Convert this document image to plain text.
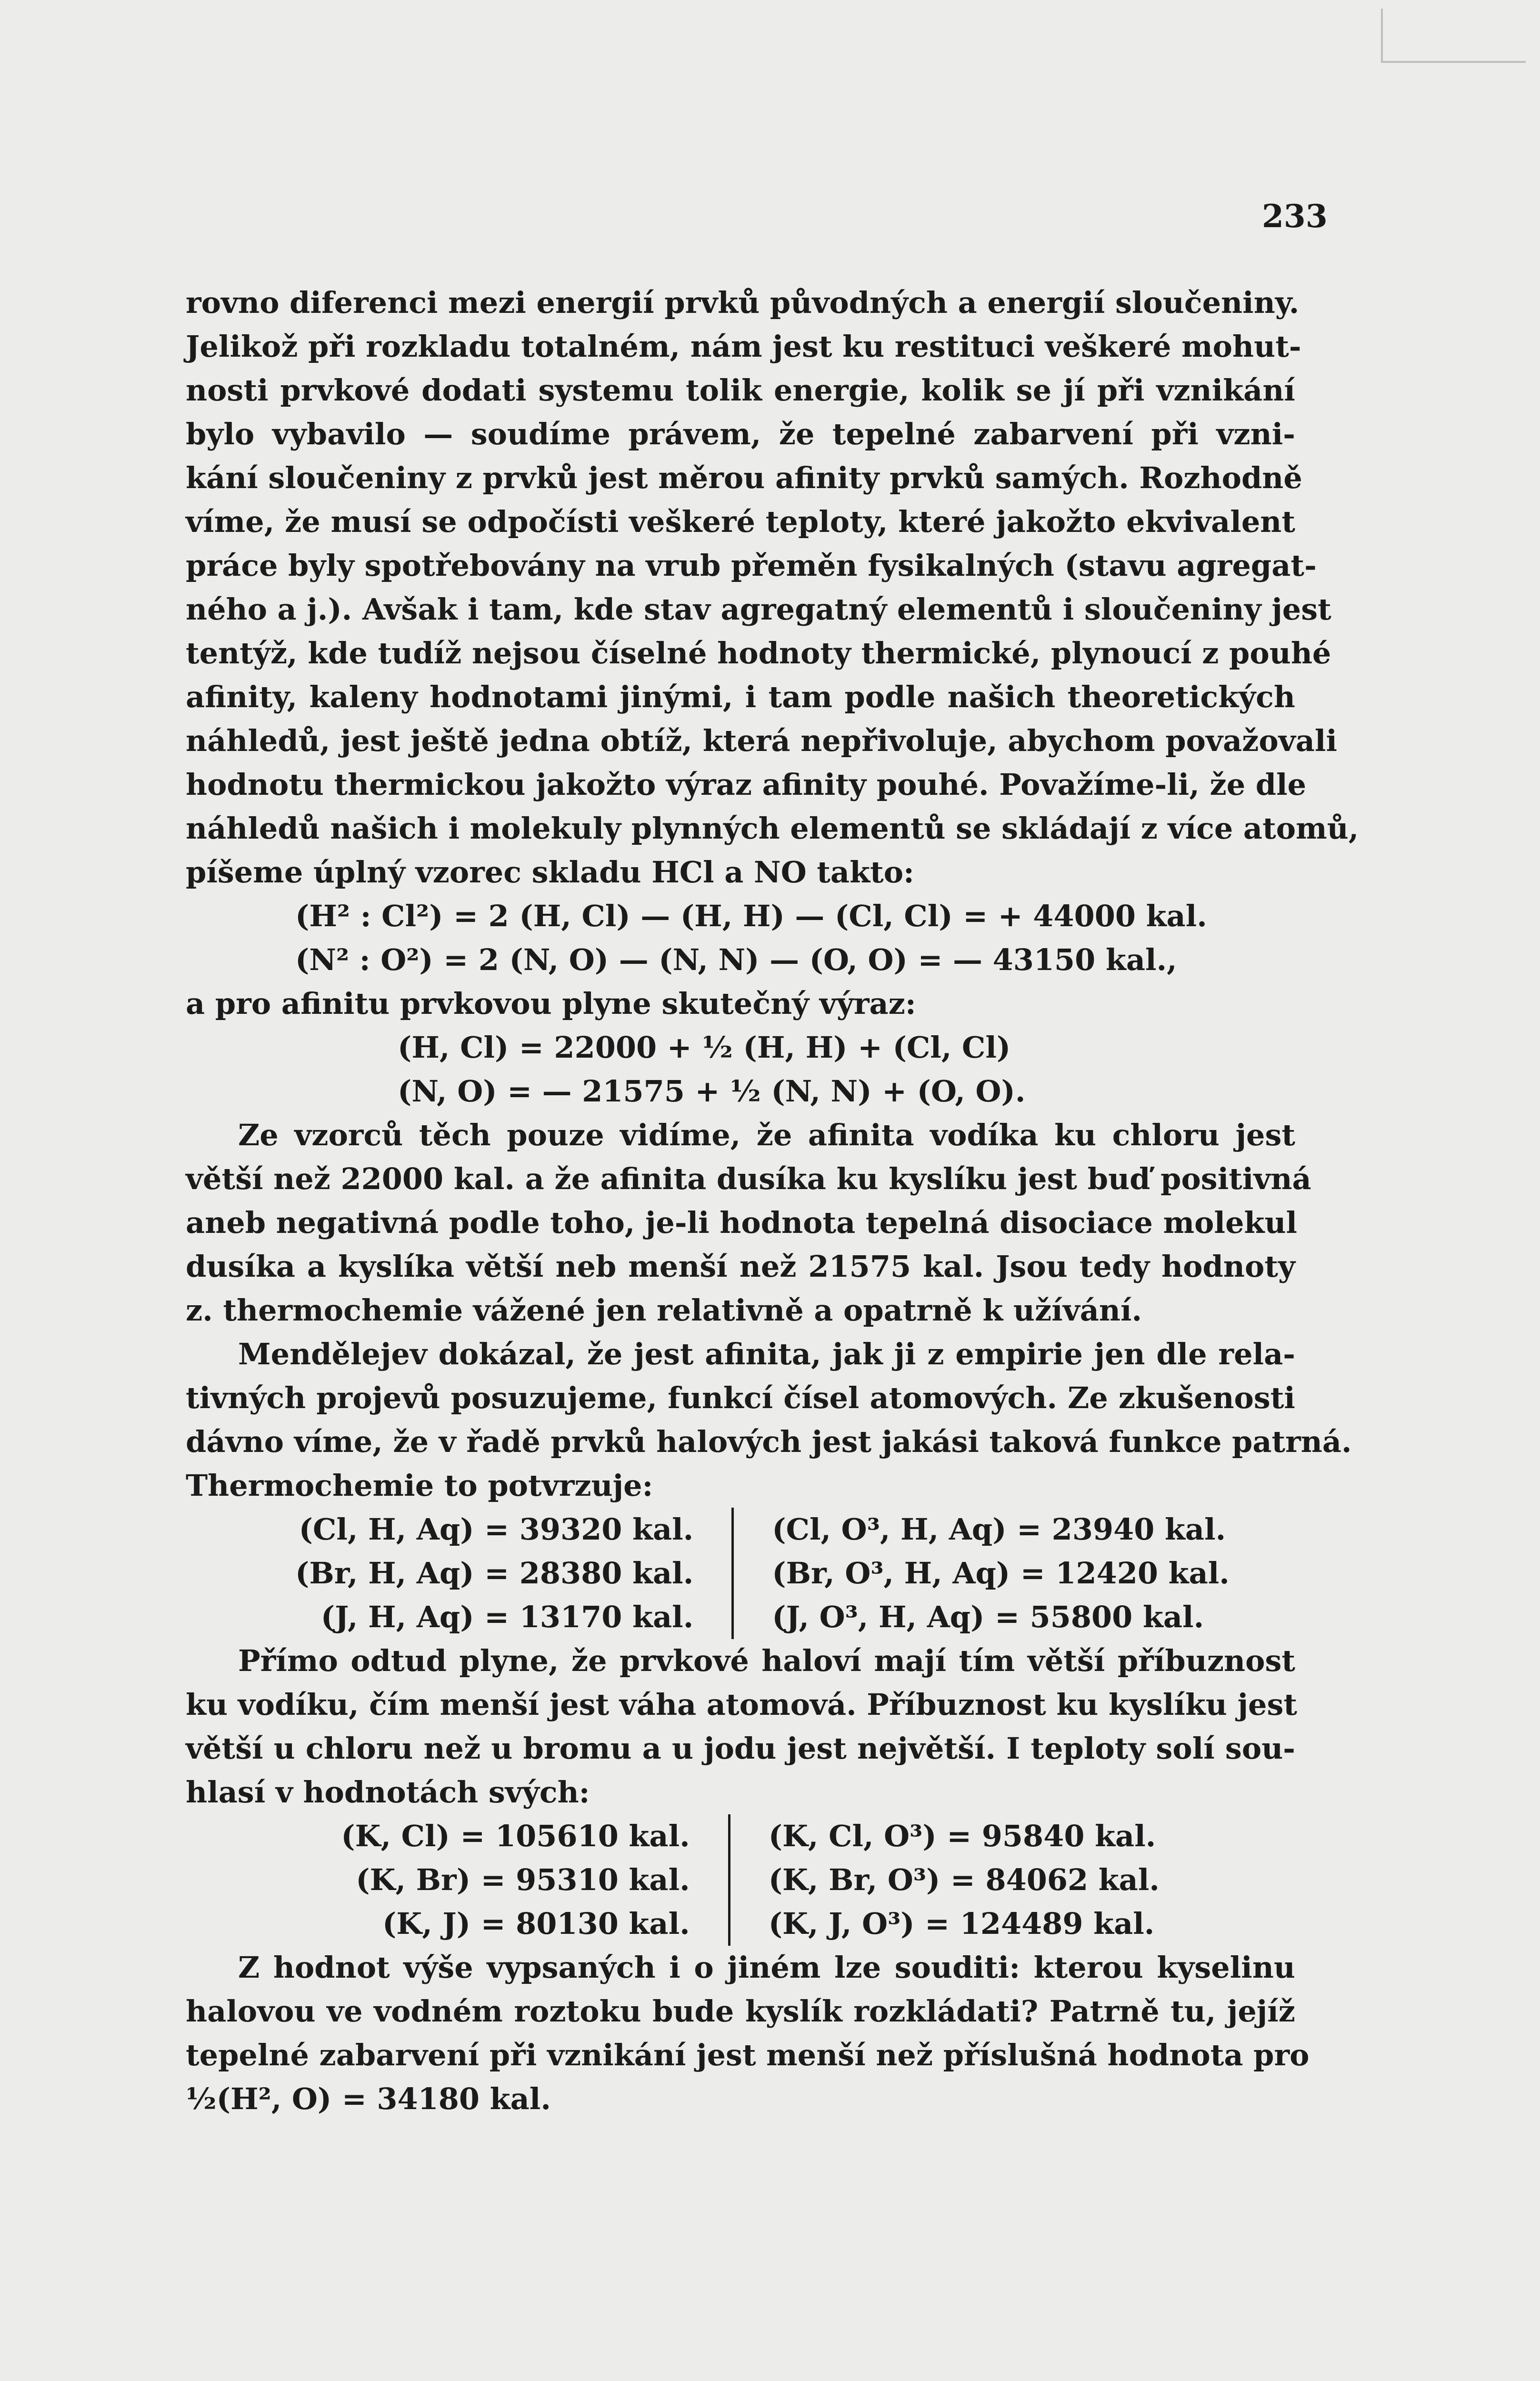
233
rovno diferenci mezi energií prvků původných a energií sloučeniny.
Jelikož při rozkladu totalném, nám jest ku restituci veškeré mohut-
nosti prvkové dodati systemu tolik energie, kolik se jí při vznikání
bylo vybavilo — soudíme právem, že tepelné zabarvení při vzni-
kání sloučeniny z prvků jest měrou afinity prvků samých. Rozhodně
víme, že musí se odpočísti veškeré teploty, které jakožto ekvivalent
práce byly spotřebovány na vrub přeměn fysikalných (stavu agregat-
ného a j.). Avšak i tam, kde stav agregatný elementů i sloučeniny jest
tentýž, kde tudíž nejsou číselné hodnoty thermické, plynoucí z pouhé
afinity, kaleny hodnotami jinými, i tam podle našich theoretických
náhledů, jest ještě jedna obtíž, která nepřivoluje, abychom považovali
hodnotu thermickou jakožto výraz afinity pouhé. Považíme-li, že dle
náhledů našich i molekuly plynných elementů se skládají z více atomů,
píšeme úplný vzorec skladu HCl a NO takto:
(H² : Cl²) = 2 (H, Cl) — (H, H) — (Cl, Cl) = + 44000 kal.
(N² : O²) = 2 (N, O) — (N, N) — (O, O) = — 43150 kal.,
a pro afinitu prvkovou plyne skutečný výraz:
(H, Cl) = 22000 + ½ (H, H) + (Cl, Cl)
(N, O) = — 21575 + ½ (N, N) + (O, O).
Ze vzorců těch pouze vidíme, že afinita vodíka ku chloru jest
větší než 22000 kal. a že afinita dusíka ku kyslíku jest buď positivná
aneb negativná podle toho, je-li hodnota tepelná disociace molekul
dusíka a kyslíka větší neb menší než 21575 kal. Jsou tedy hodnoty
z. thermochemie vážené jen relativně a opatrně k užívání.
Mendělejev dokázal, že jest afinita, jak ji z empirie jen dle rela-
tivných projevů posuzujeme, funkcí čísel atomových. Ze zkušenosti
dávno víme, že v řadě prvků halových jest jakási taková funkce patrná.
Thermochemie to potvrzuje:
(Cl, H, Aq) = 39320 kal.
(Br, H, Aq) = 28380 kal.
(J, H, Aq) = 13170 kal.
(Cl, O³, H, Aq) = 23940 kal.
(Br, O³, H, Aq) = 12420 kal.
(J, O³, H, Aq) = 55800 kal.
Přímo odtud plyne, že prvkové haloví mají tím větší příbuznost
ku vodíku, čím menší jest váha atomová. Příbuznost ku kyslíku jest
větší u chloru než u bromu a u jodu jest největší. I teploty solí sou-
hlasí v hodnotách svých:
(K, Cl) = 105610 kal.
(K, Br) = 95310 kal.
(K, J) = 80130 kal.
(K, Cl, O³) = 95840 kal.
(K, Br, O³) = 84062 kal.
(K, J, O³) = 124489 kal.
Z hodnot výše vypsaných i o jiném lze souditi: kterou kyselinu
halovou ve vodném roztoku bude kyslík rozkládati? Patrně tu, jejíž
tepelné zabarvení při vznikání jest menší než příslušná hodnota pro
½(H², O) = 34180 kal.
